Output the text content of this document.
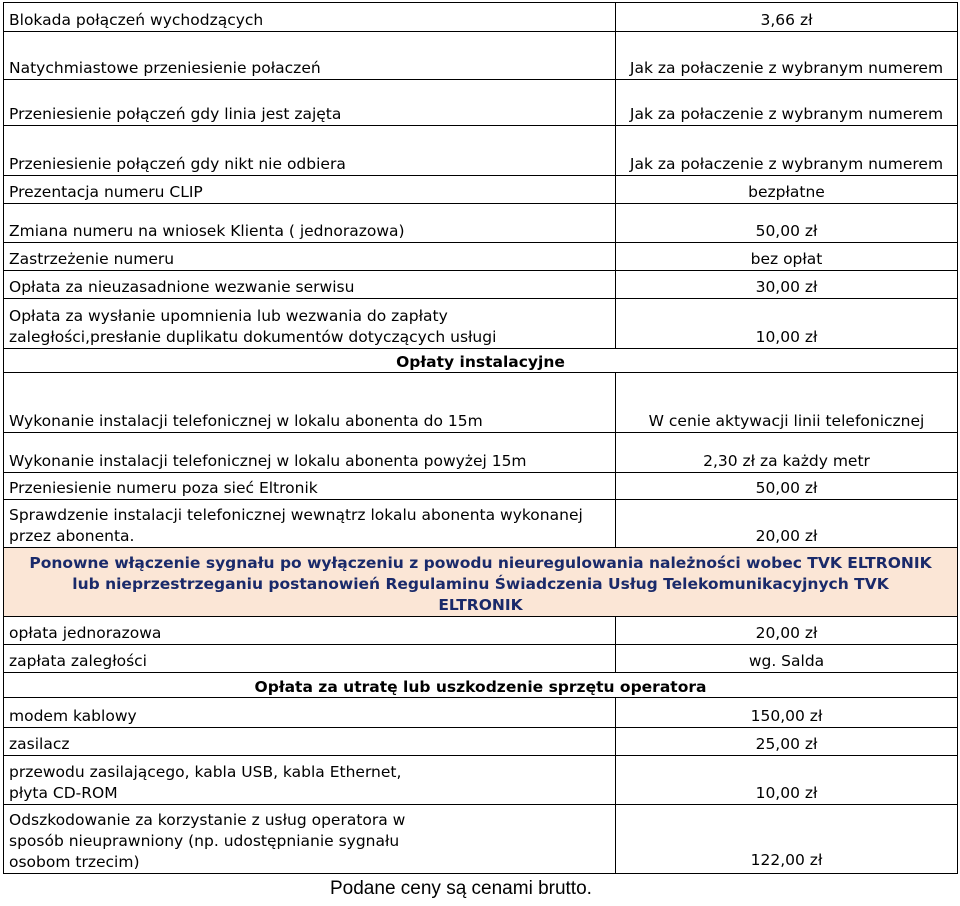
Blokada połączeń wychodzących	3,66 zł
Natychmiastowe przeniesienie połaczeń	Jak za połaczenie z wybranym numerem
Przeniesienie połączeń gdy linia jest zajęta	Jak za połaczenie z wybranym numerem
Przeniesienie połączeń gdy nikt nie odbiera	Jak za połaczenie z wybranym numerem
Prezentacja numeru CLIP	bezpłatne
Zmiana numeru na wniosek Klienta ( jednorazowa)	50,00 zł
Zastrzeżenie numeru	bez opłat
Opłata za nieuzasadnione wezwanie serwisu	30,00 zł

Opłata za wysłanie upomnienia lub wezwania do zapłaty
zaległości,presłanie duplikatu dokumentów dotyczących usługi	10,00 zł
Opłaty instalacyjne	
Wykonanie instalacji telefonicznej w lokalu abonenta do 15m	W cenie aktywacji linii telefonicznej
Wykonanie instalacji telefonicznej w lokalu abonenta powyżej 15m	2,30 zł za każdy metr
Przeniesienie numeru poza sieć Eltronik	50,00 zł

Sprawdzenie instalacji telefonicznej wewnątrz lokalu abonenta wykonanej
przez abonenta.	20,00 zł

Ponowne włączenie sygnału po wyłączeniu z powodu nieuregulowania należności wobec TVK ELTRONIK
lub nieprzestrzeganiu postanowień Regulaminu Świadczenia Usług Telekomunikacyjnych TVK
ELTRONIK	

opłata jednorazowa	20,00 zł
zapłata zaległości	wg. Salda
Opłata za utratę lub uszkodzenie sprzętu operatora	
modem kablowy	150,00 zł
zasilacz	25,00 zł

przewodu zasilającego, kabla USB, kabla Ethernet,
płyta CD-ROM	10,00 zł

Odszkodowanie za korzystanie z usług operatora w
sposób nieuprawniony (np. udostępnianie sygnału
osobom trzecim)	122,00 zł
Podane ceny są cenami brutto.
